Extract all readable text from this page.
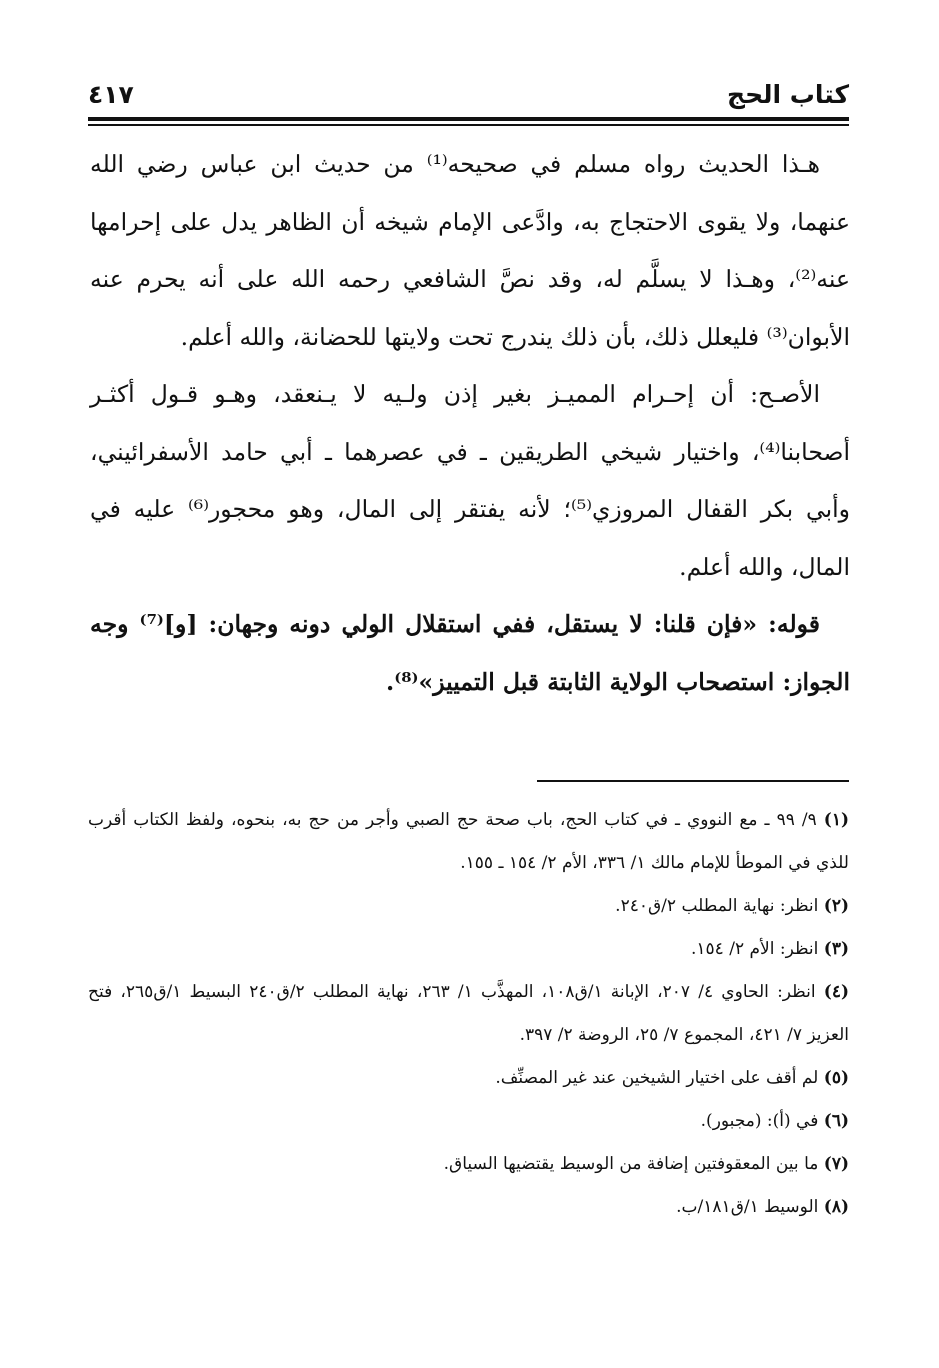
كتاب الحج
٤١٧

هـذا الحديث رواه مسلم في صحيحه⁽¹⁾ من حديث ابن عباس رضي الله عنهما، ولا يقوى الاحتجاج به، وادَّعى الإمام شيخه أن الظاهر يدل على إحرامها عنه⁽²⁾، وهـذا لا يسلَّم له، وقد نصَّ الشافعي رحمه الله على أنه يحرم عنه الأبوان⁽³⁾ فليعلل ذلك، بأن ذلك يندرج تحت ولايتها للحضانة، والله أعلم.

الأصـح: أن إحـرام المميـز بغير إذن ولـيه لا يـنعقد، وهـو قـول أكثـر أصحابنا⁽⁴⁾، واختيار شيخي الطريقين ـ في عصرهما ـ أبي حامد الأسفرائيني، وأبي بكر القفال المروزي⁽⁵⁾؛ لأنه يفتقر إلى المال، وهو محجور⁽⁶⁾ عليه في المال، والله أعلم.

قوله: «فإن قلنا: لا يستقل، ففي استقلال الولي دونه وجهان: [و]⁽⁷⁾ وجه الجواز: استصحاب الولاية الثابتة قبل التمييز»⁽⁸⁾.

(١) ٩/ ٩٩ ـ مع النووي ـ في كتاب الحج، باب صحة حج الصبي وأجر من حج به، بنحوه، ولفظ الكتاب أقرب للذي في الموطأ للإمام مالك ١/ ٣٣٦، الأم ٢/ ١٥٤ ـ ١٥٥.

(٢) انظر: نهاية المطلب ٢/ق٢٤٠.

(٣) انظر: الأم ٢/ ١٥٤.

(٤) انظر: الحاوي ٤/ ٢٠٧، الإبانة ١/ق١٠٨، المهذَّب ١/ ٢٦٣، نهاية المطلب ٢/ق٢٤٠ البسيط ١/ق٢٦٥، فتح العزيز ٧/ ٤٢١، المجموع ٧/ ٢٥، الروضة ٢/ ٣٩٧.

(٥) لم أقف على اختيار الشيخين عند غير المصنِّف.

(٦) في (أ): (مجبور).

(٧) ما بين المعقوفتين إضافة من الوسيط يقتضيها السياق.

(٨) الوسيط ١/ق١٨١/ب.
